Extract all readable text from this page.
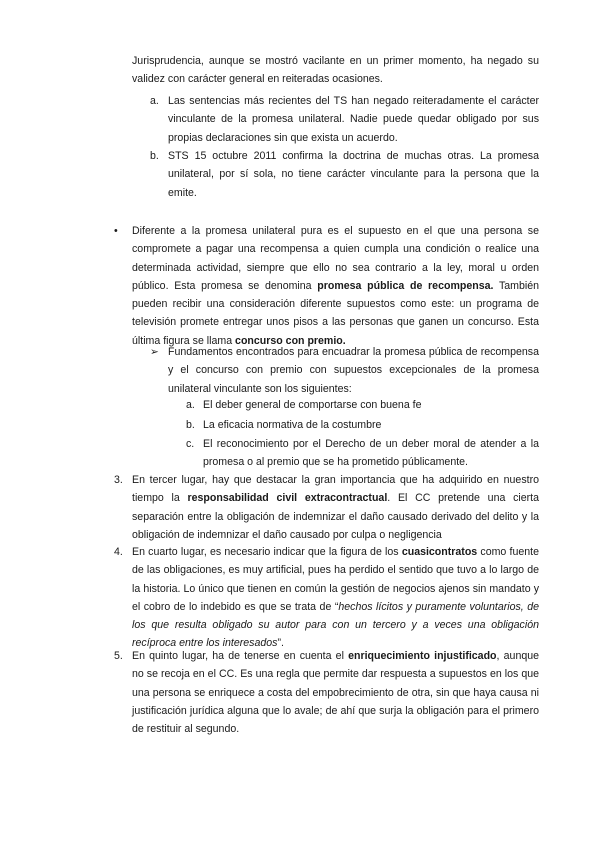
Jurisprudencia, aunque se mostró vacilante en un primer momento, ha negado su validez con carácter general en reiteradas ocasiones.

a. Las sentencias más recientes del TS han negado reiteradamente el carácter vinculante de la promesa unilateral. Nadie puede quedar obligado por sus propias declaraciones sin que exista un acuerdo.

b. STS 15 octubre 2011 confirma la doctrina de muchas otras. La promesa unilateral, por sí sola, no tiene carácter vinculante para la persona que la emite.

• Diferente a la promesa unilateral pura es el supuesto en el que una persona se compromete a pagar una recompensa a quien cumpla una condición o realice una determinada actividad, siempre que ello no sea contrario a la ley, moral u orden público. Esta promesa se denomina promesa pública de recompensa. También pueden recibir una consideración diferente supuestos como este: un programa de televisión promete entregar unos pisos a las personas que ganen un concurso. Esta última figura se llama concurso con premio.

➢ Fundamentos encontrados para encuadrar la promesa pública de recompensa y el concurso con premio con supuestos excepcionales de la promesa unilateral vinculante son los siguientes:

a. El deber general de comportarse con buena fe

b. La eficacia normativa de la costumbre

c. El reconocimiento por el Derecho de un deber moral de atender a la promesa o al premio que se ha prometido públicamente.

3. En tercer lugar, hay que destacar la gran importancia que ha adquirido en nuestro tiempo la responsabilidad civil extracontractual. El CC pretende una cierta separación entre la obligación de indemnizar el daño causado derivado del delito y la obligación de indemnizar el daño causado por culpa o negligencia

4. En cuarto lugar, es necesario indicar que la figura de los cuasicontratos como fuente de las obligaciones, es muy artificial, pues ha perdido el sentido que tuvo a lo largo de la historia. Lo único que tienen en común la gestión de negocios ajenos sin mandato y el cobro de lo indebido es que se trata de “hechos lícitos y puramente voluntarios, de los que resulta obligado su autor para con un tercero y a veces una obligación recíproca entre los interesados”.

5. En quinto lugar, ha de tenerse en cuenta el enriquecimiento injustificado, aunque no se recoja en el CC. Es una regla que permite dar respuesta a supuestos en los que una persona se enriquece a costa del empobrecimiento de otra, sin que haya causa ni justificación jurídica alguna que lo avale; de ahí que surja la obligación para el primero de restituir al segundo.
